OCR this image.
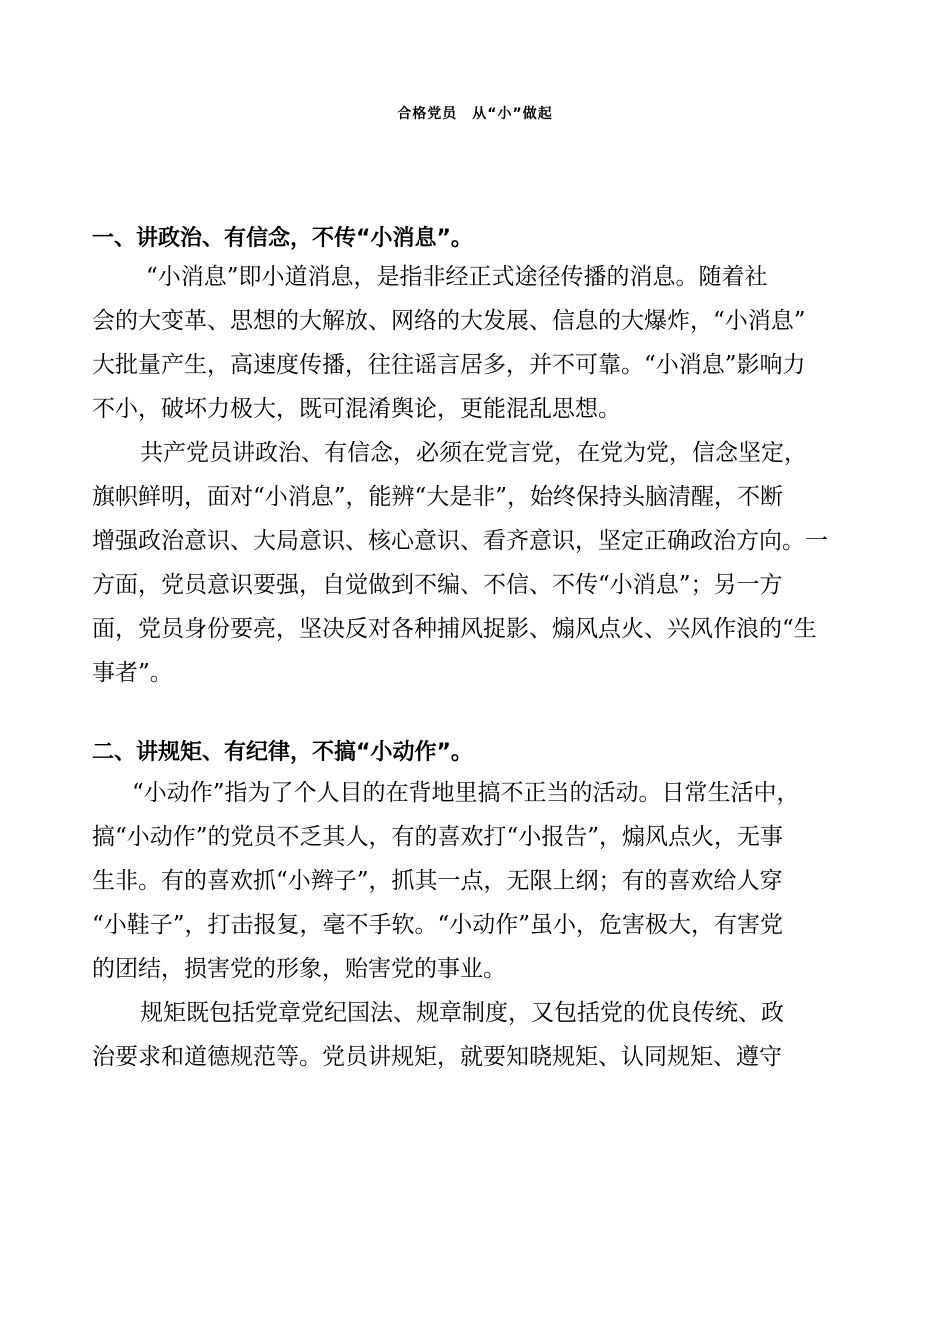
合格党员　从“小”做起
一、讲政治、有信念，不传“小消息”。
“小消息”即小道消息，是指非经正式途径传播的消息。随着社
会的大变革、思想的大解放、网络的大发展、信息的大爆炸，“小消息”
大批量产生，高速度传播，往往谣言居多，并不可靠。“小消息”影响力
不小，破坏力极大，既可混淆舆论，更能混乱思想。
共产党员讲政治、有信念，必须在党言党，在党为党，信念坚定，
旗帜鲜明，面对“小消息”，能辨“大是非”，始终保持头脑清醒，不断
增强政治意识、大局意识、核心意识、看齐意识，坚定正确政治方向。一
方面，党员意识要强，自觉做到不编、不信、不传“小消息”；另一方
面，党员身份要亮，坚决反对各种捕风捉影、煽风点火、兴风作浪的“生
事者”。
二、讲规矩、有纪律，不搞“小动作”。
“小动作”指为了个人目的在背地里搞不正当的活动。日常生活中，
搞“小动作”的党员不乏其人，有的喜欢打“小报告”，煽风点火，无事
生非。有的喜欢抓“小辫子”，抓其一点，无限上纲；有的喜欢给人穿
“小鞋子”，打击报复，毫不手软。“小动作”虽小，危害极大，有害党
的团结，损害党的形象，贻害党的事业。
规矩既包括党章党纪国法、规章制度，又包括党的优良传统、政
治要求和道德规范等。党员讲规矩，就要知晓规矩、认同规矩、遵守
